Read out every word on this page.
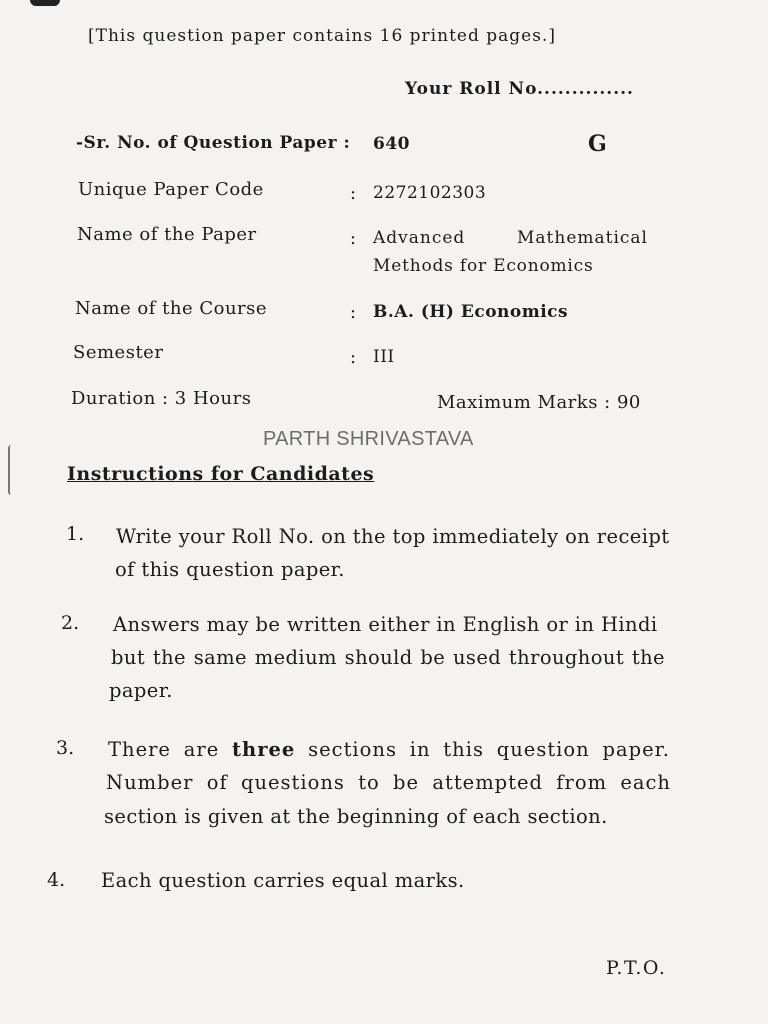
[This question paper contains 16 printed pages.]
Your Roll No..............
-Sr. No. of Question Paper : 640	G
Unique Paper Code	: 2272102303
Name of the Paper	: Advanced Mathematical
Methods for Economics
Name of the Course	: B.A. (H) Economics
Semester	: III
Duration : 3 Hours	Maximum Marks : 90
PARTH SHRIVASTAVA
Instructions for Candidates
1. Write your Roll No. on the top immediately on receipt
of this question paper.
2. Answers may be written either in English or in Hindi
but the same medium should be used throughout the
paper.
3. There are three sections in this question paper.
Number of questions to be attempted from each
section is given at the beginning of each section.
4. Each question carries equal marks.
P.T.O.
